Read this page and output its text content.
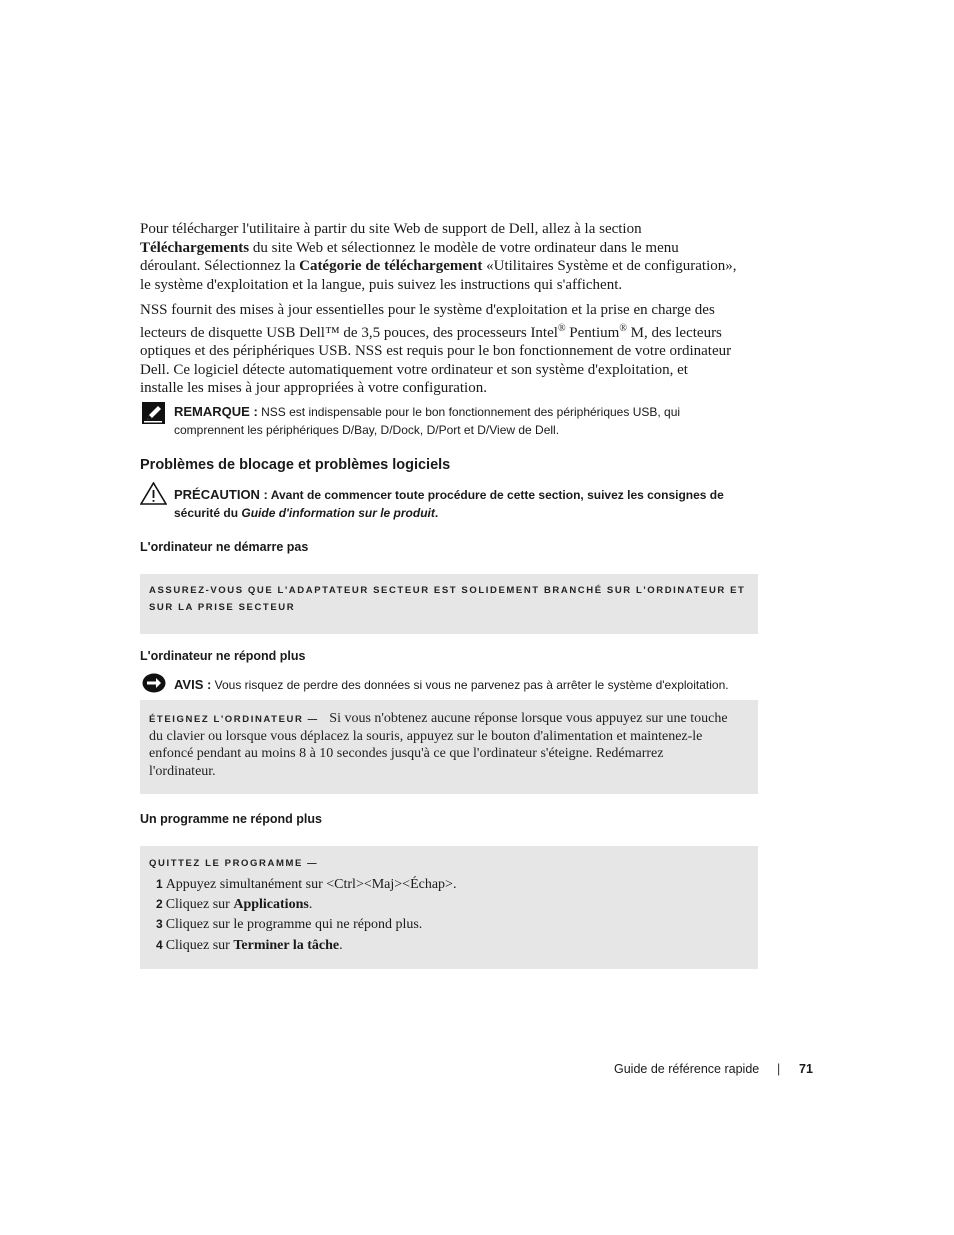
Pour télécharger l'utilitaire à partir du site Web de support de Dell, allez à la section
Téléchargements du site Web et sélectionnez le modèle de votre ordinateur dans le menu
déroulant. Sélectionnez la Catégorie de téléchargement «Utilitaires Système et de configuration»,
le système d'exploitation et la langue, puis suivez les instructions qui s'affichent.
NSS fournit des mises à jour essentielles pour le système d'exploitation et la prise en charge des
lecteurs de disquette USB Dell™ de 3,5 pouces, des processeurs Intel® Pentium® M, des lecteurs
optiques et des périphériques USB. NSS est requis pour le bon fonctionnement de votre ordinateur
Dell. Ce logiciel détecte automatiquement votre ordinateur et son système d'exploitation, et
installe les mises à jour appropriées à votre configuration.
REMARQUE : NSS est indispensable pour le bon fonctionnement des périphériques USB, qui
comprennent les périphériques D/Bay, D/Dock, D/Port et D/View de Dell.
Problèmes de blocage et problèmes logiciels
PRÉCAUTION : Avant de commencer toute procédure de cette section, suivez les consignes de
sécurité du Guide d'information sur le produit.
L'ordinateur ne démarre pas
ASSUREZ-VOUS QUE L'ADAPTATEUR SECTEUR EST SOLIDEMENT BRANCHÉ SUR L'ORDINATEUR ET
SUR LA PRISE SECTEUR
L'ordinateur ne répond plus
AVIS : Vous risquez de perdre des données si vous ne parvenez pas à arrêter le système d'exploitation.
ÉTEIGNEZ L'ORDINATEUR — Si vous n'obtenez aucune réponse lorsque vous appuyez sur une touche
du clavier ou lorsque vous déplacez la souris, appuyez sur le bouton d'alimentation et maintenez-le
enfoncé pendant au moins 8 à 10 secondes jusqu'à ce que l'ordinateur s'éteigne. Redémarrez
l'ordinateur.
Un programme ne répond plus
QUITTEZ LE PROGRAMME —
1 Appuyez simultanément sur <Ctrl><Maj><Échap>.
2 Cliquez sur Applications.
3 Cliquez sur le programme qui ne répond plus.
4 Cliquez sur Terminer la tâche.
Guide de référence rapide | 71
